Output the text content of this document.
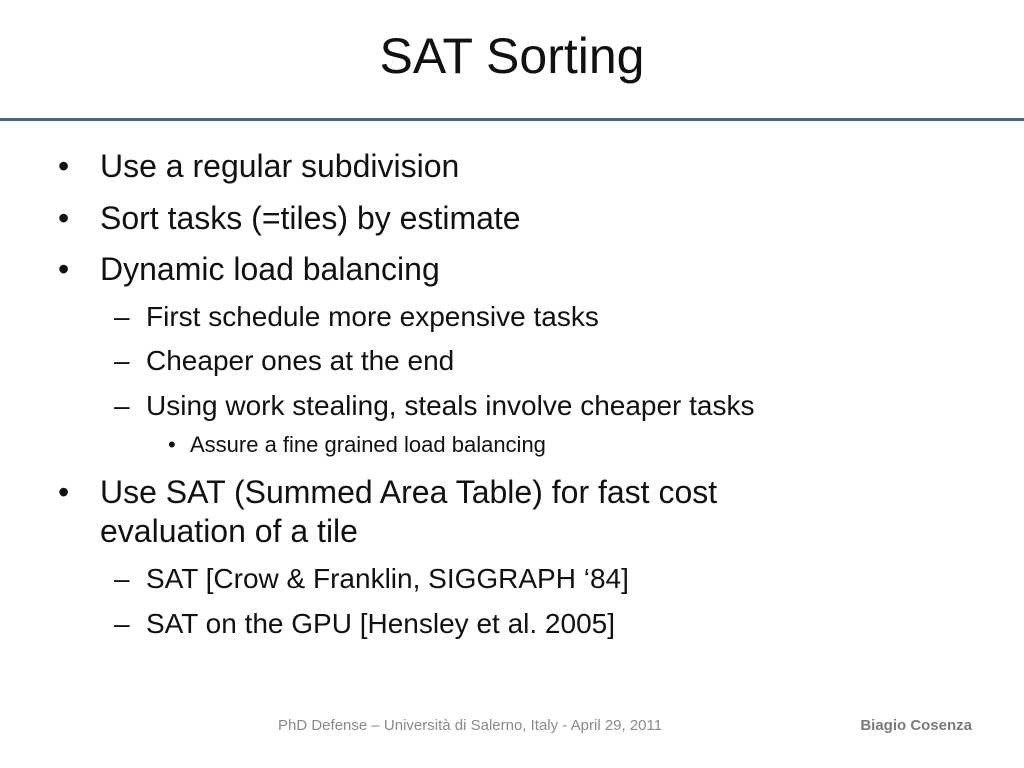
SAT Sorting
• Use a regular subdivision
• Sort tasks (=tiles) by estimate
• Dynamic load balancing
– First schedule more expensive tasks
– Cheaper ones at the end
– Using work stealing, steals involve cheaper tasks
• Assure a fine grained load balancing
• Use SAT (Summed Area Table) for fast cost
evaluation of a tile
– SAT [Crow & Franklin, SIGGRAPH ‘84]
– SAT on the GPU [Hensley et al. 2005]
PhD Defense – Università di Salerno, Italy - April 29, 2011	Biagio Cosenza
